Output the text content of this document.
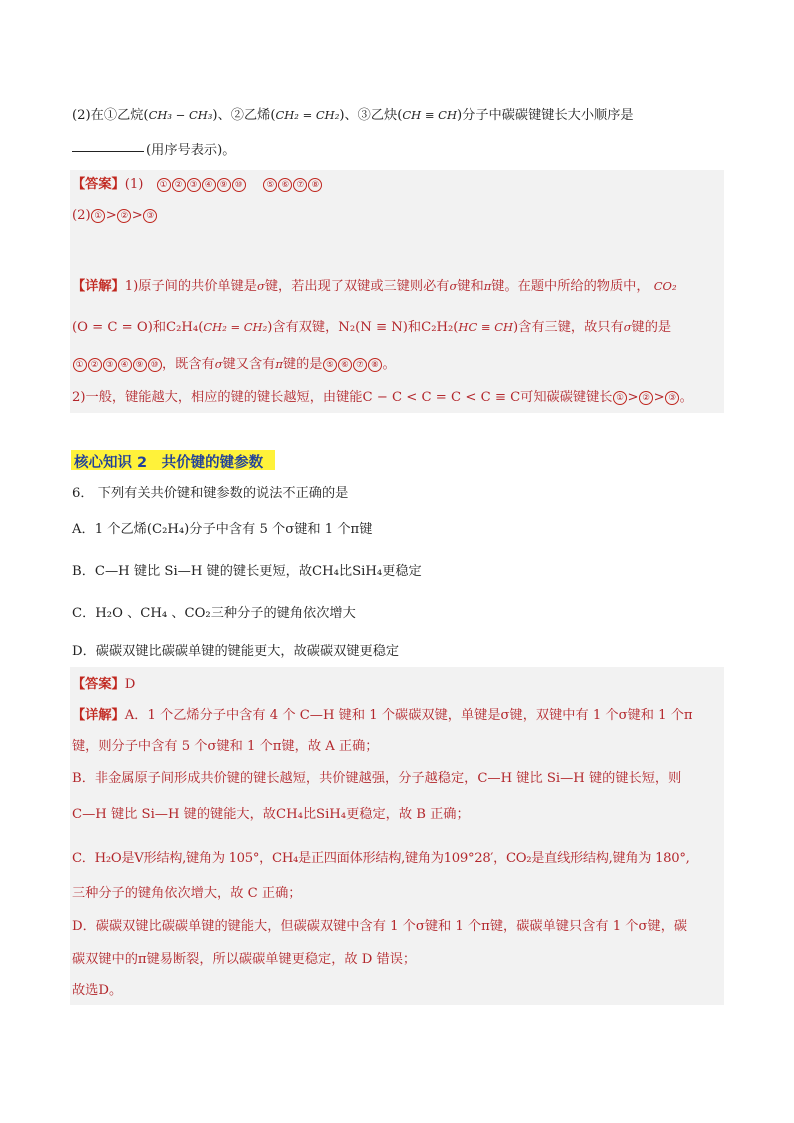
(2)在①乙烷(CH₃ − CH₃)、②乙烯(CH₂ = CH₂)、③乙炔(CH ≡ CH)分子中碳碳键键长大小顺序是
(用序号表示)。
【答案】(1) ① ② ③ ④ ⑨ ⑩	⑤ ⑥ ⑦ ⑧
(2) ① > ② > ③
【详解】1)原子间的共价单键是σ键，若出现了双键或三键则必有σ键和π键。在题中所给的物质中， CO₂
(O = C = O)和C₂H₄(CH₂ = CH₂)含有双键，N₂(N ≡ N)和C₂H₂(HC ≡ CH)含有三键，故只有σ键的是
① ② ③ ④ ⑨ ⑩ ，既含有σ键又含有π键的是 ⑤ ⑥ ⑦ ⑧ 。
2)一般，键能越大，相应的键的键长越短，由键能C − C < C = C < C ≡ C可知碳碳键键长 ① > ② > ③ 。
核心知识 2　共价键的键参数
6． 下列有关共价键和键参数的说法不正确的是
A．1 个乙烯(C₂H₄)分子中含有 5 个σ键和 1 个π键
B．C—H 键比 Si—H 键的键长更短，故CH₄比SiH₄更稳定
C．H₂O 、CH₄ 、CO₂三种分子的键角依次增大
D．碳碳双键比碳碳单键的键能更大，故碳碳双键更稳定
【答案】D
【详解】A．1 个乙烯分子中含有 4 个 C—H 键和 1 个碳碳双键，单键是σ键，双键中有 1 个σ键和 1 个π
键，则分子中含有 5 个σ键和 1 个π键，故 A 正确；
B．非金属原子间形成共价键的键长越短，共价键越强，分子越稳定，C—H 键比 Si—H 键的键长短，则
C—H 键比 Si—H 键的键能大，故CH₄比SiH₄更稳定，故 B 正确；
C．H₂O是V形结构,键角为 105°，CH₄是正四面体形结构,键角为109°28′，CO₂是直线形结构,键角为 180°,
三种分子的键角依次增大，故 C 正确；
D．碳碳双键比碳碳单键的键能大，但碳碳双键中含有 1 个σ键和 1 个π键，碳碳单键只含有 1 个σ键，碳
碳双键中的π键易断裂，所以碳碳单键更稳定，故 D 错误；
故选D。
